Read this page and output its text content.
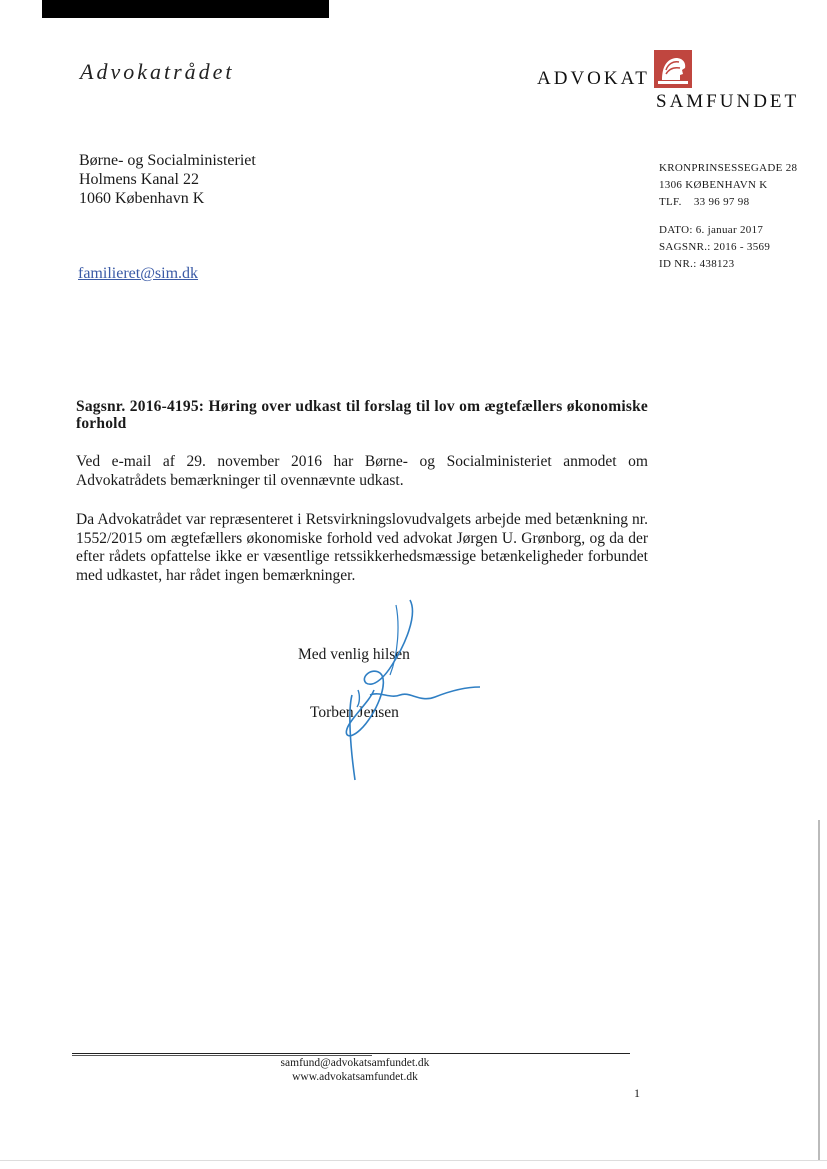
Advokatrådet	ADVOKAT
SAMFUNDET
Børne- og Socialministeriet
Holmens Kanal 22
1060 København K
familieret@sim.dk
KRONPRINSESSEGADE 28
1306 KØBENHAVN K
TLF.    33 96 97 98
DATO: 6. januar 2017
SAGSNR.: 2016 - 3569
ID NR.: 438123
Sagsnr. 2016-4195: Høring over udkast til forslag til lov om ægtefællers økonomiske forhold
Ved e-mail af 29. november 2016 har Børne- og Socialministeriet anmodet om Advokatrådets bemærkninger til ovennævnte udkast.
Da Advokatrådet var repræsenteret i Retsvirkningslovudvalgets arbejde med betænkning nr. 1552/2015 om ægtefællers økonomiske forhold ved advokat Jørgen U. Grønborg, og da der efter rådets opfattelse ikke er væsentlige retssikkerhedsmæssige betænkeligheder forbundet med udkastet, har rådet ingen bemærkninger.
Med venlig hilsen
Torben Jensen
samfund@advokatsamfundet.dk
www.advokatsamfundet.dk
1
